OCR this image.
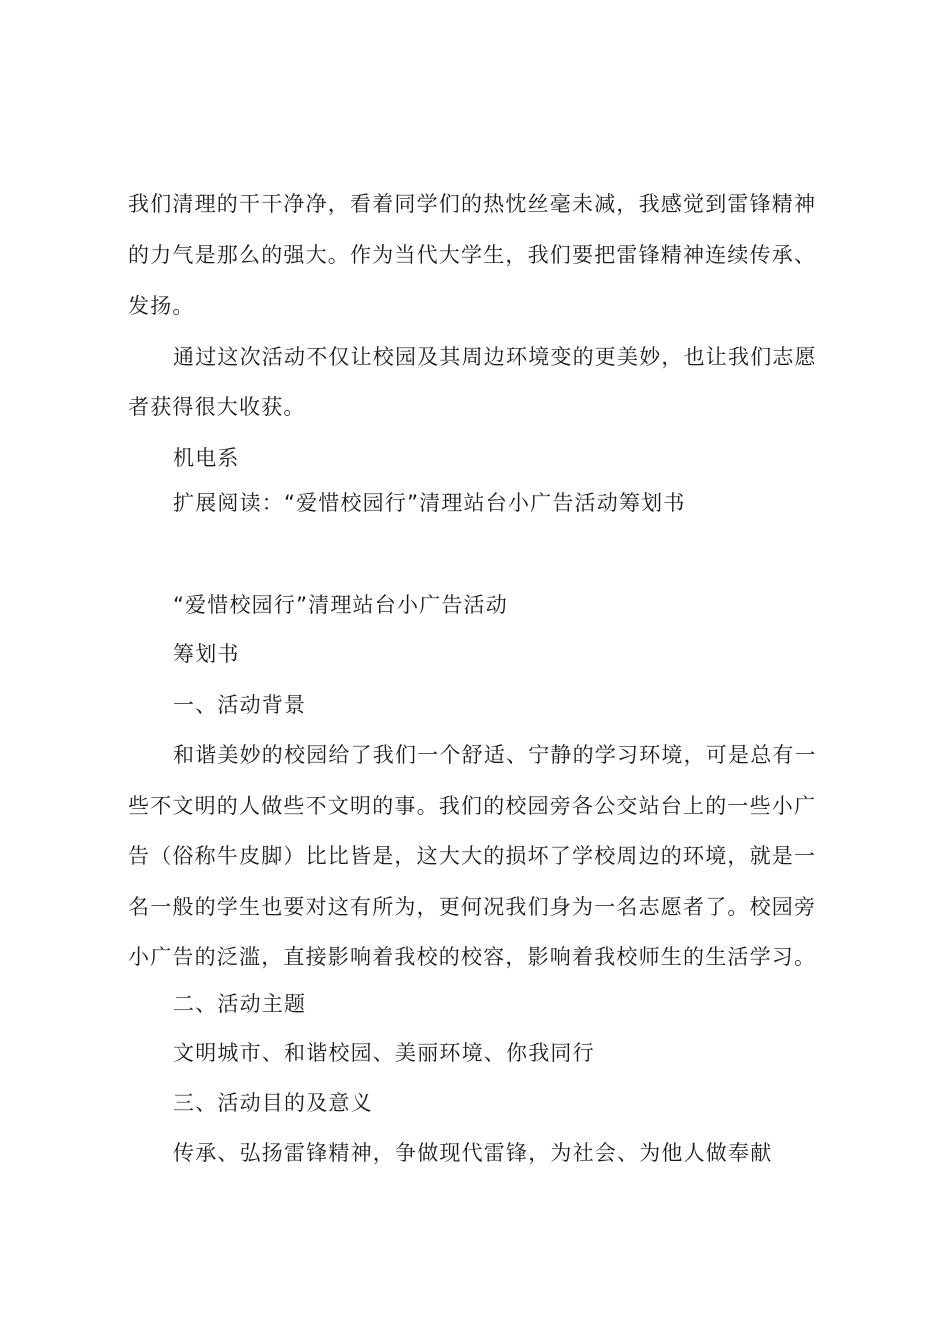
我们清理的干干净净，看着同学们的热忱丝毫未减，我感觉到雷锋精神
的力气是那么的强大。作为当代大学生，我们要把雷锋精神连续传承、
发扬。
通过这次活动不仅让校园及其周边环境变的更美妙，也让我们志愿
者获得很大收获。
机电系
扩展阅读：“爱惜校园行”清理站台小广告活动筹划书
“爱惜校园行”清理站台小广告活动
筹划书
一、活动背景
和谐美妙的校园给了我们一个舒适、宁静的学习环境，可是总有一
些不文明的人做些不文明的事。我们的校园旁各公交站台上的一些小广
告（俗称牛皮脚）比比皆是，这大大的损坏了学校周边的环境，就是一
名一般的学生也要对这有所为，更何况我们身为一名志愿者了。校园旁
小广告的泛滥，直接影响着我校的校容，影响着我校师生的生活学习。
二、活动主题
文明城市、和谐校园、美丽环境、你我同行
三、活动目的及意义
传承、弘扬雷锋精神，争做现代雷锋，为社会、为他人做奉献
